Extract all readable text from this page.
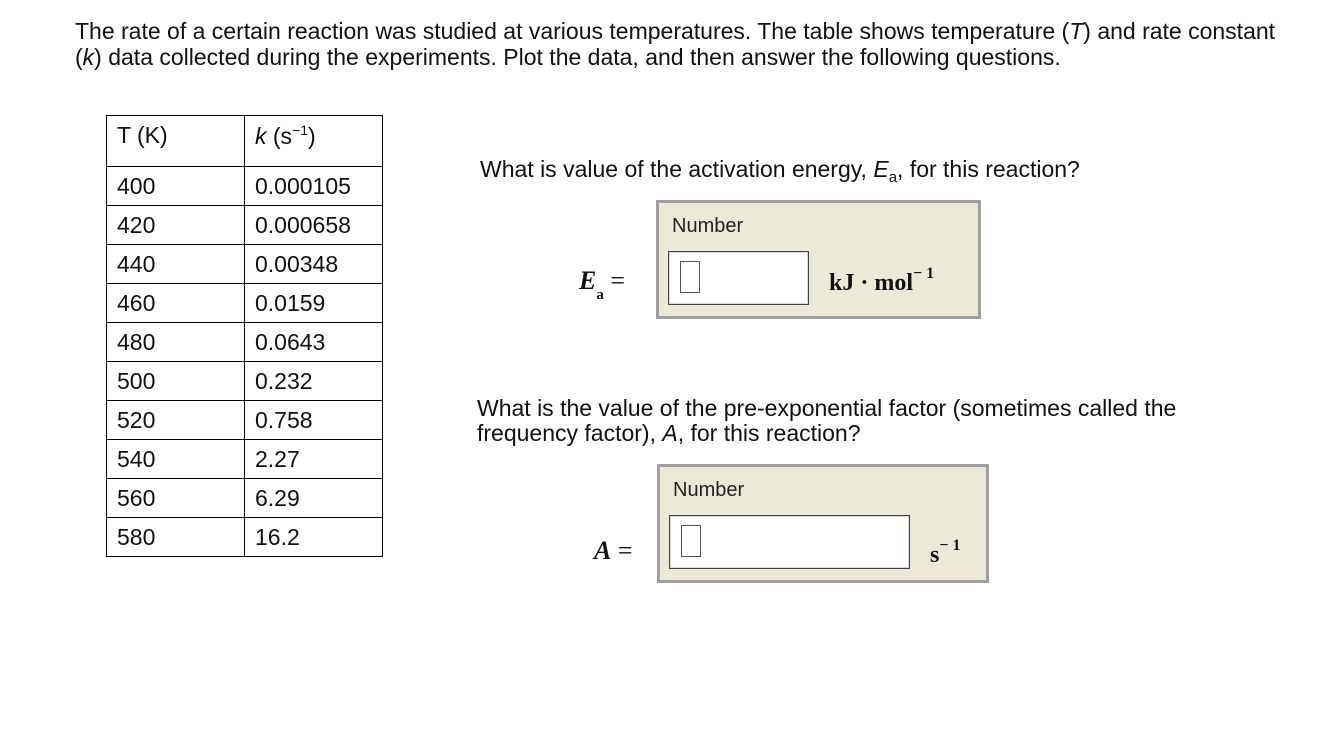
The rate of a certain reaction was studied at various temperatures. The table shows temperature (T) and rate constant (k) data collected during the experiments. Plot the data, and then answer the following questions.
T (K)	k $(s^{-1})$
400	0.000105
420	0.000658
440	0.00348
460	0.0159
480	0.0643
500	0.232
520	0.758
540	2.27
560	6.29
580	16.2
What is value of the activation energy, $E_a$, for this reaction?
$E_a$ =
Number
kJ · mol$^{- 1}$
What is the value of the pre-exponential factor (sometimes called the frequency factor), A, for this reaction?
A =
Number
$s^{- 1}$
